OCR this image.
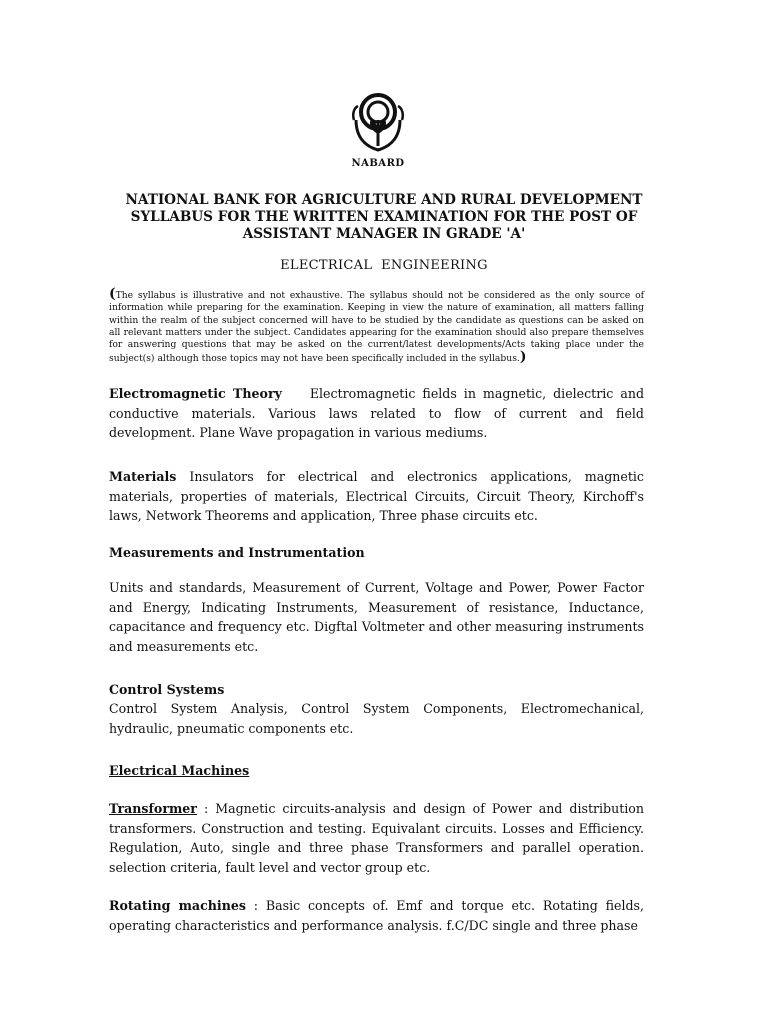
NABARD
NATIONAL BANK FOR AGRICULTURE AND RURAL DEVELOPMENT
SYLLABUS FOR THE WRITTEN EXAMINATION FOR THE POST OF
ASSISTANT MANAGER IN GRADE 'A'
ELECTRICAL  ENGINEERING
(The syllabus is illustrative and not exhaustive. The syllabus should not be considered as the only source of information while preparing for the examination. Keeping in view the nature of examination, all matters falling within the realm of the subject concerned will have to be studied by the candidate as questions can be asked on all relevant matters under the subject. Candidates appearing for the examination should also prepare themselves for answering questions that may be asked on the current/latest developments/Acts taking place under the subject(s) although those topics may not have been specifically included in the syllabus.)
Electromagnetic Theory Electromagnetic fields in magnetic, dielectric and conductive materials. Various laws related to flow of current and field development. Plane Wave propagation in various mediums.
Materials Insulators for electrical and electronics applications, magnetic materials, properties of materials, Electrical Circuits, Circuit Theory, Kirchoff's laws, Network Theorems and application, Three phase circuits etc.
Measurements and Instrumentation
Units and standards, Measurement of Current, Voltage and Power, Power Factor and Energy, Indicating Instruments, Measurement of resistance, Inductance, capacitance and frequency etc. Digftal Voltmeter and other measuring instruments and measurements etc.
Control Systems
Control System Analysis, Control System Components, Electromechanical, hydraulic, pneumatic components etc.
Electrical Machines
Transformer : Magnetic circuits-analysis and design of Power and distribution transformers. Construction and testing. Equivalant circuits. Losses and Efficiency. Regulation, Auto, single and three phase Transformers and parallel operation. selection criteria, fault level and vector group etc.
Rotating machines : Basic concepts of. Emf and torque etc. Rotating fields, operating characteristics and performance analysis. f.C/DC single and three phase
